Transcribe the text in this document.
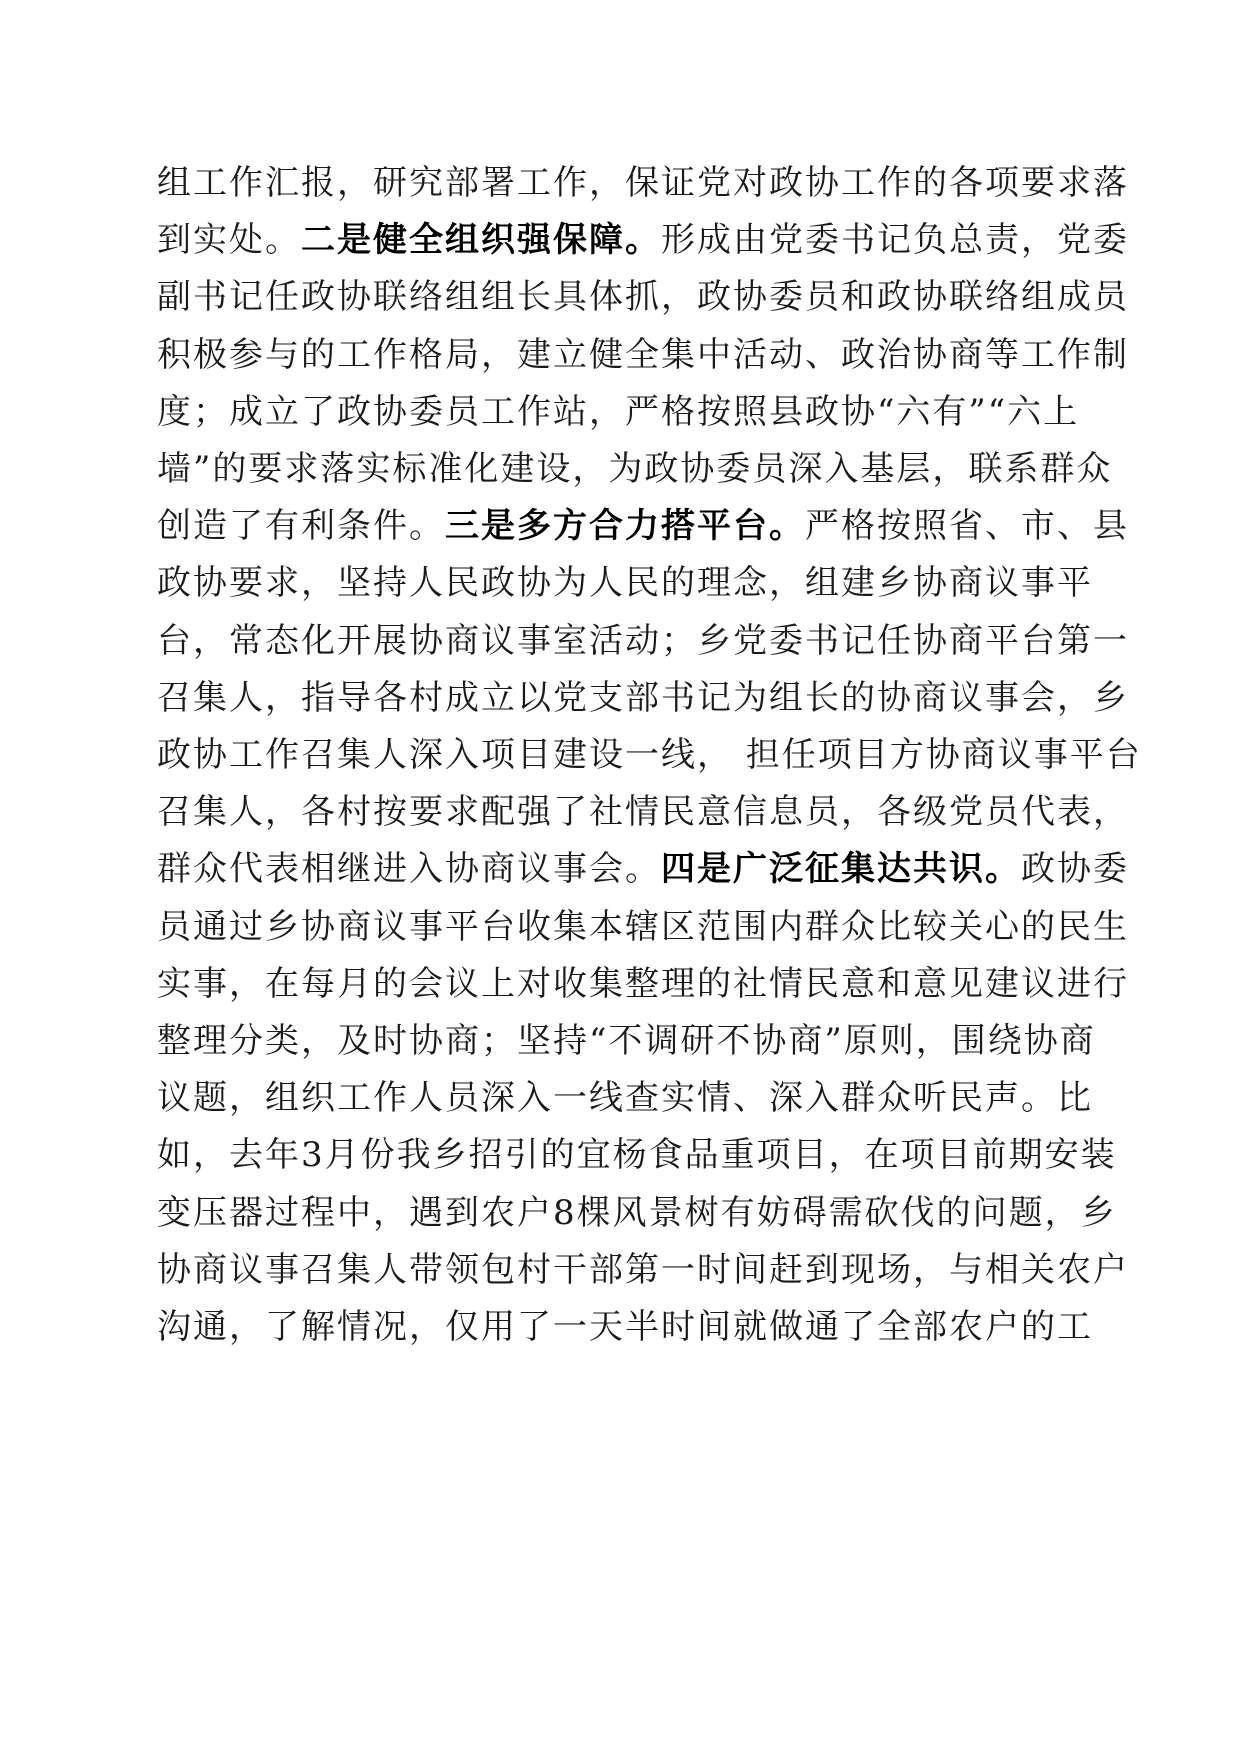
组工作汇报，研究部署工作，保证党对政协工作的各项要求落
到实处。二是健全组织强保障。形成由党委书记负总责，党委
副书记任政协联络组组长具体抓，政协委员和政协联络组成员
积极参与的工作格局，建立健全集中活动、政治协商等工作制
度；成立了政协委员工作站，严格按照县政协“六有”“六上
墙”的要求落实标准化建设，为政协委员深入基层，联系群众
创造了有利条件。三是多方合力搭平台。严格按照省、市、县
政协要求，坚持人民政协为人民的理念，组建乡协商议事平
台，常态化开展协商议事室活动；乡党委书记任协商平台第一
召集人，指导各村成立以党支部书记为组长的协商议事会，乡
政协工作召集人深入项目建设一线， 担任项目方协商议事平台
召集人，各村按要求配强了社情民意信息员，各级党员代表，
群众代表相继进入协商议事会。四是广泛征集达共识。政协委
员通过乡协商议事平台收集本辖区范围内群众比较关心的民生
实事，在每月的会议上对收集整理的社情民意和意见建议进行
整理分类，及时协商；坚持“不调研不协商”原则，围绕协商
议题，组织工作人员深入一线查实情、深入群众听民声。比
如，去年3月份我乡招引的宜杨食品重项目，在项目前期安装
变压器过程中，遇到农户8棵风景树有妨碍需砍伐的问题，乡
协商议事召集人带领包村干部第一时间赶到现场，与相关农户
沟通，了解情况，仅用了一天半时间就做通了全部农户的工
